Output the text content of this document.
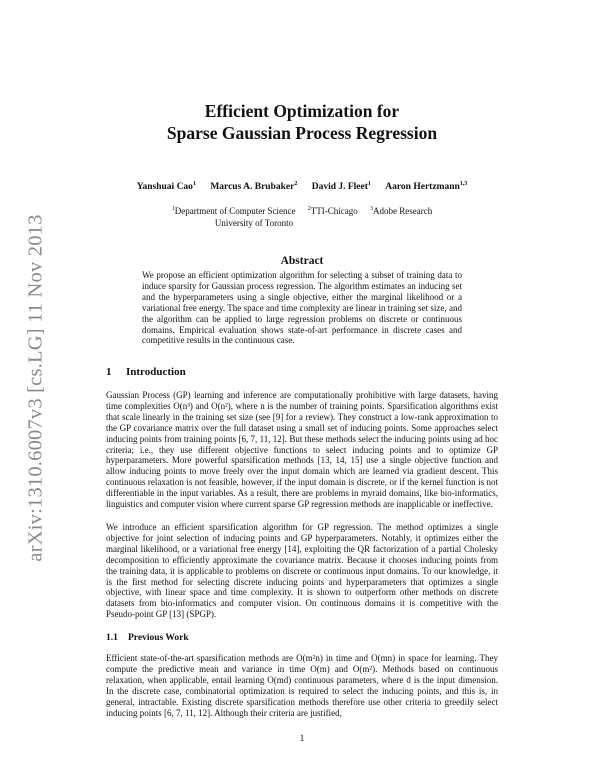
arXiv:1310.6007v3 [cs.LG] 11 Nov 2013
Efficient Optimization for
Sparse Gaussian Process Regression
Yanshuai Cao$^1$ Marcus A. Brubaker$^2$ David J. Fleet$^1$ Aaron Hertzmann$^{1,3}$
$^1$Department of Computer Science $^2$TTI-Chicago $^3$Adobe Research
University of Toronto
Abstract
We propose an efficient optimization algorithm for selecting a subset of training data to induce sparsity for Gaussian process regression. The algorithm estimates an inducing set and the hyperparameters using a single objective, either the marginal likelihood or a variational free energy. The space and time complexity are linear in training set size, and the algorithm can be applied to large regression problems on discrete or continuous domains. Empirical evaluation shows state-of-art performance in discrete cases and competitive results in the continuous case.
1 Introduction
Gaussian Process (GP) learning and inference are computationally prohibitive with large datasets, having time complexities O(n³) and O(n²), where n is the number of training points. Sparsification algorithms exist that scale linearly in the training set size (see [9] for a review). They construct a low-rank approximation to the GP covariance matrix over the full dataset using a small set of inducing points. Some approaches select inducing points from training points [6, 7, 11, 12]. But these methods select the inducing points using ad hoc criteria; i.e., they use different objective functions to select inducing points and to optimize GP hyperparameters. More powerful sparsification methods [13, 14, 15] use a single objective function and allow inducing points to move freely over the input domain which are learned via gradient descent. This continuous relaxation is not feasible, however, if the input domain is discrete, or if the kernel function is not differentiable in the input variables. As a result, there are problems in myraid domains, like bio-informatics, linguistics and computer vision where current sparse GP regression methods are inapplicable or ineffective.
We introduce an efficient sparsification algorithm for GP regression. The method optimizes a single objective for joint selection of inducing points and GP hyperparameters. Notably, it optimizes either the marginal likelihood, or a variational free energy [14], exploiting the QR factorization of a partial Cholesky decomposition to efficiently approximate the covariance matrix. Because it chooses inducing points from the training data, it is applicable to problems on discrete or continuous input domains. To our knowledge, it is the first method for selecting discrete inducing points and hyperparameters that optimizes a single objective, with linear space and time complexity. It is shown to outperform other methods on discrete datasets from bio-informatics and computer vision. On continuous domains it is competitive with the Pseudo-point GP [13] (SPGP).
1.1 Previous Work
Efficient state-of-the-art sparsification methods are O(m²n) in time and O(mn) in space for learning. They compute the predictive mean and variance in time O(m) and O(m²). Methods based on continuous relaxation, when applicable, entail learning O(md) continuous parameters, where d is the input dimension. In the discrete case, combinatorial optimization is required to select the inducing points, and this is, in general, intractable. Existing discrete sparsification methods therefore use other criteria to greedily select inducing points [6, 7, 11, 12]. Although their criteria are justified,
1
